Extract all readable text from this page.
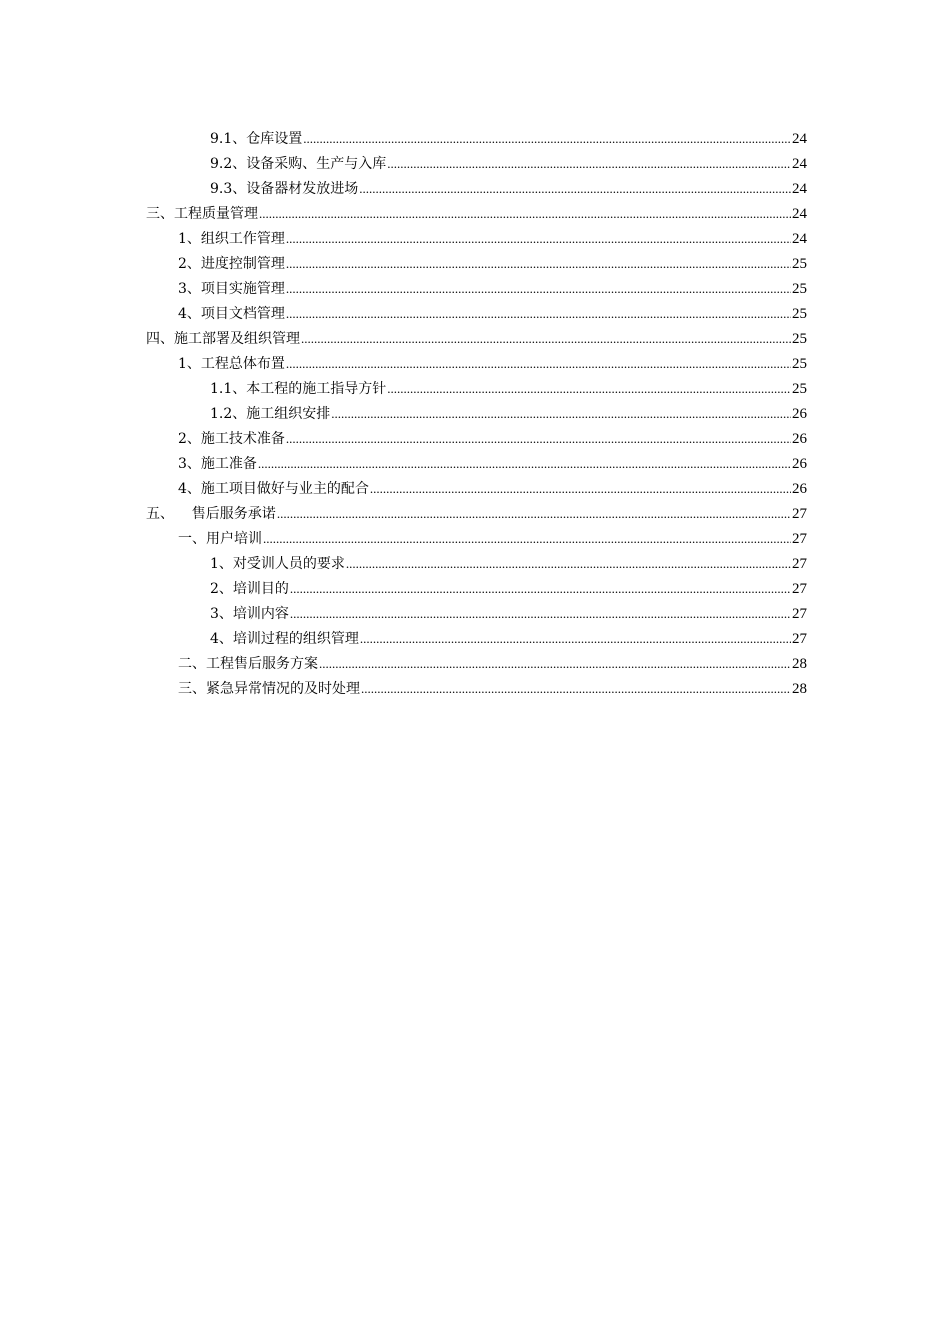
9.1、仓库设置 .....	24
9.2、设备采购、生产与入库 .....	24
9.3、设备器材发放进场 .....	24
三、工程质量管理 .....	24
1、组织工作管理 .....	24
2、进度控制管理 .....	25
3、项目实施管理 .....	25
4、项目文档管理 .....	25
四、施工部署及组织管理 .....	25
1、工程总体布置 .....	25
1.1、本工程的施工指导方针 .....	25
1.2、施工组织安排 .....	26
2、施工技术准备 .....	26
3、施工准备 .....	26
4、施工项目做好与业主的配合 .....	26
五、    售后服务承诺 .....	27
一、用户培训 .....	27
1、对受训人员的要求 .....	27
2、培训目的 .....	27
3、培训内容 .....	27
4、培训过程的组织管理 .....	27
二、工程售后服务方案 .....	28
三、紧急异常情况的及时处理 .....	28
